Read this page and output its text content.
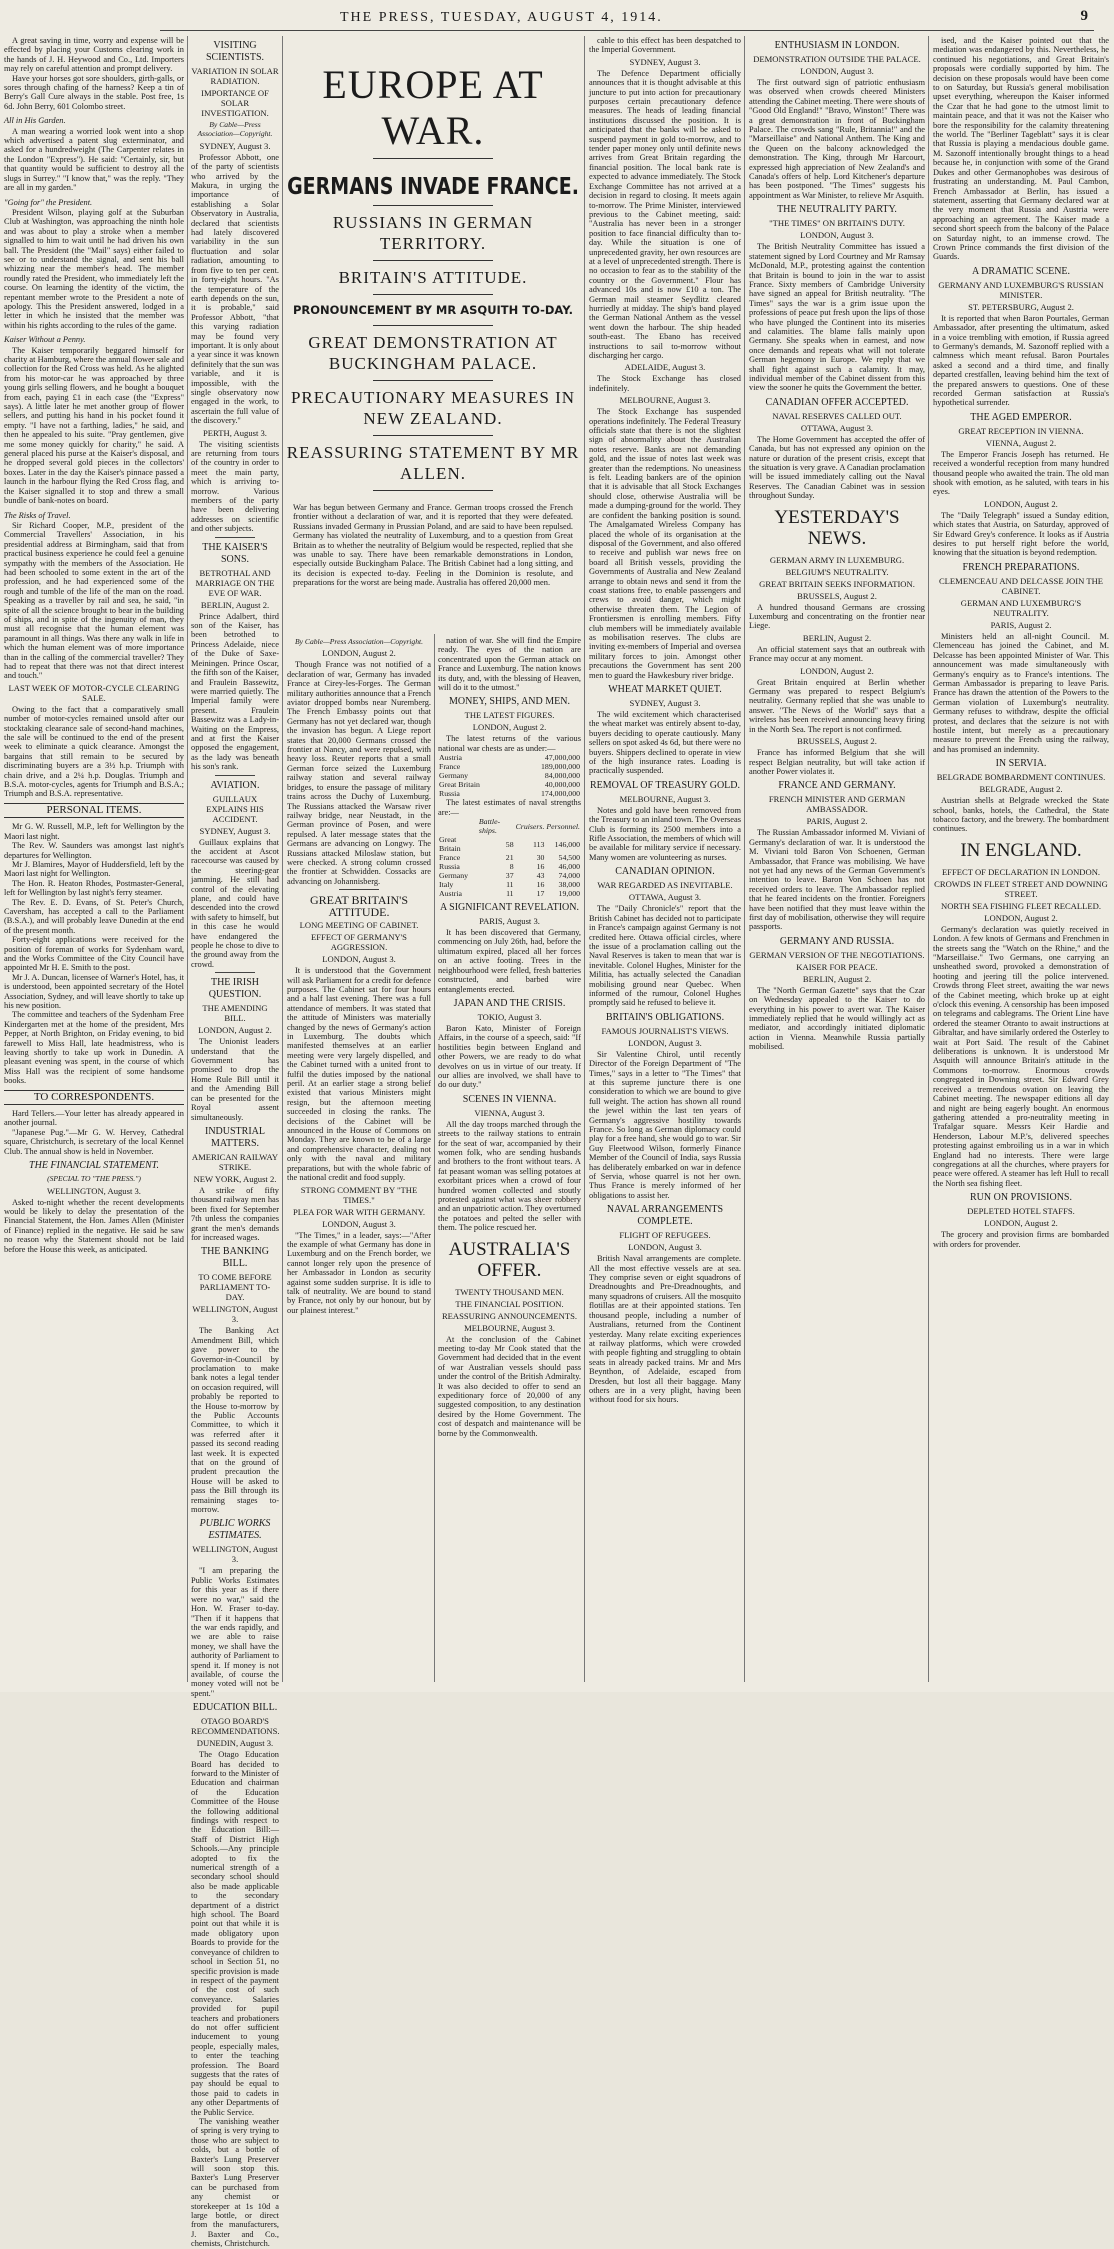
THE PRESS, TUESDAY, AUGUST 4, 1914.	9

A great saving in time, worry and expense will be effected by placing your Customs clearing work in the hands of J. H. Heywood and Co., Ltd. Importers may rely on careful attention and prompt delivery.

Have your horses got sore shoulders, girth-galls, or sores through chafing of the harness? Keep a tin of Berry's Gall Cure always in the stable. Post free, 1s 6d. John Berry, 601 Colombo street.

All in His Garden.

A man wearing a worried look went into a shop which advertised a patent slug exterminator, and asked for a hundredweight (The Carpenter relates in the London "Express"). He said: "Certainly, sir, but that quantity would be sufficient to destroy all the slugs in Surrey." "I know that," was the reply. "They are all in my garden."

"Going for" the President.

President Wilson, playing golf at the Suburban Club at Washington, was approaching the ninth hole and was about to play a stroke when a member signalled to him to wait until he had driven his own ball. The President (the "Mail" says) either failed to see or to understand the signal, and sent his ball whizzing near the member's head. The member roundly rated the President, who immediately left the course. On learning the identity of the victim, the repentant member wrote to the President a note of apology. This the President answered, lodged in a letter in which he insisted that the member was within his rights according to the rules of the game.

Kaiser Without a Penny.

The Kaiser temporarily beggared himself for charity at Hamburg, where the annual flower sale and collection for the Red Cross was held. As he alighted from his motor-car he was approached by three young girls selling flowers, and he bought a bouquet from each, paying £1 in each case (the "Express" says). A little later he met another group of flower sellers, and putting his hand in his pocket found it empty. "I have not a farthing, ladies," he said, and then he appealed to his suite. "Pray gentlemen, give me some money quickly for charity," he said. A general placed his purse at the Kaiser's disposal, and he dropped several gold pieces in the collectors' boxes. Later in the day the Kaiser's pinnace passed a launch in the harbour flying the Red Cross flag, and the Kaiser signalled it to stop and threw a small bundle of bank-notes on board.

The Risks of Travel.

Sir Richard Cooper, M.P., president of the Commercial Travellers' Association, in his presidential address at Birmingham, said that from practical business experience he could feel a genuine sympathy with the members of the Association. He had been schooled to some extent in the art of the profession, and he had experienced some of the rough and tumble of the life of the man on the road. Speaking as a traveller by rail and sea, he said, "in spite of all the science brought to bear in the building of ships, and in spite of the ingenuity of man, they must all recognise that the human element was paramount in all things. Was there any walk in life in which the human element was of more importance than in the calling of the commercial traveller? They had to repeat that there was not that direct interest and touch."

LAST WEEK OF MOTOR-CYCLE CLEARING SALE.

Owing to the fact that a comparatively small number of motor-cycles remained unsold after our stocktaking clearance sale of second-hand machines, the sale will be continued to the end of the present week to eliminate a quick clearance. Amongst the bargains that still remain to be secured by discriminating buyers are a 3½ h.p. Triumph with chain drive, and a 2¼ h.p. Douglas. Triumph and B.S.A. motor-cycles, agents for Triumph and B.S.A.; Triumph and B.S.A. representative.

PERSONAL ITEMS.

Mr G. W. Russell, M.P., left for Wellington by the Maori last night.

The Rev. W. Saunders was amongst last night's departures for Wellington.

Mr J. Blamires, Mayor of Huddersfield, left by the Maori last night for Wellington.

The Hon. R. Heaton Rhodes, Postmaster-General, left for Wellington by last night's ferry steamer.

The Rev. E. D. Evans, of St. Peter's Church, Caversham, has accepted a call to the Parliament (B.S.A.), and will probably leave Dunedin at the end of the present month.

Forty-eight applications were received for the position of foreman of works for Sydenham ward, and the Works Committee of the City Council have appointed Mr H. E. Smith to the post.

Mr J. A. Duncan, licensee of Warner's Hotel, has, it is understood, been appointed secretary of the Hotel Association, Sydney, and will leave shortly to take up his new position.

The committee and teachers of the Sydenham Free Kindergarten met at the home of the president, Mrs Pepper, at North Brighton, on Friday evening, to bid farewell to Miss Hall, late headmistress, who is leaving shortly to take up work in Dunedin. A pleasant evening was spent, in the course of which Miss Hall was the recipient of some handsome books.

TO CORRESPONDENTS.

Hard Tellers.—Your letter has already appeared in another journal.

"Japanese Pug."—Mr G. W. Hervey, Cathedral square, Christchurch, is secretary of the local Kennel Club. The annual show is held in November.

THE FINANCIAL STATEMENT.
(SPECIAL TO "THE PRESS.")
WELLINGTON, August 3.

Asked to-night whether the recent developments would be likely to delay the presentation of the Financial Statement, the Hon. James Allen (Minister of Finance) replied in the negative. He said he saw no reason why the Statement should not be laid before the House this week, as anticipated.

VISITING SCIENTISTS.
VARIATION IN SOLAR RADIATION.
IMPORTANCE OF SOLAR INVESTIGATION.
By Cable—Press Association—Copyright.
SYDNEY, August 3.

Professor Abbott, one of the party of scientists who arrived by the Makura, in urging the importance of establishing a Solar Observatory in Australia, declared that scientists had lately discovered variability in the sun fluctuation and solar radiation, amounting to from five to ten per cent. in forty-eight hours. "As the temperature of the earth depends on the sun, it is probable," said Professor Abbott, "that this varying radiation may be found very important. It is only about a year since it was known definitely that the sun was variable, and it is impossible, with the single observatory now engaged in the work, to ascertain the full value of the discovery."

PERTH, August 3.

The visiting scientists are returning from tours of the country in order to meet the main party, which is arriving to-morrow. Various members of the party have been delivering addresses on scientific and other subjects.

THE KAISER'S SONS.
BETROTHAL AND MARRIAGE ON THE EVE OF WAR.
BERLIN, August 2.

Prince Adalbert, third son of the Kaiser, has been betrothed to Princess Adelaide, niece of the Duke of Saxe-Meiningen. Prince Oscar, the fifth son of the Kaiser, and Fraulein Bassewitz, were married quietly. The Imperial family were present. Fraulein Bassewitz was a Lady-in-Waiting on the Empress, and at first the Kaiser opposed the engagement, as the lady was beneath his son's rank.

AVIATION.
GUILLAUX EXPLAINS HIS ACCIDENT.
SYDNEY, August 3.

Guillaux explains that the accident at Ascot racecourse was caused by the steering-gear jamming. He still had control of the elevating plane, and could have descended into the crowd with safety to himself, but in this case he would have endangered the people he chose to dive to the ground away from the crowd.

THE IRISH QUESTION.
THE AMENDING BILL.
LONDON, August 2.

The Unionist leaders understand that the Government has promised to drop the Home Rule Bill until it and the Amending Bill can be presented for the Royal assent simultaneously.

INDUSTRIAL MATTERS.
AMERICAN RAILWAY STRIKE.
NEW YORK, August 2.

A strike of fifty thousand railway men has been fixed for September 7th unless the companies grant the men's demands for increased wages.

THE BANKING BILL.
TO COME BEFORE PARLIAMENT TO-DAY.
WELLINGTON, August 3.

The Banking Act Amendment Bill, which gave power to the Governor-in-Council by proclamation to make bank notes a legal tender on occasion required, will probably be reported to the House to-morrow by the Public Accounts Committee, to which it was referred after it passed its second reading last week. It is expected that on the ground of prudent precaution the House will be asked to pass the Bill through its remaining stages to-morrow.

PUBLIC WORKS ESTIMATES.
WELLINGTON, August 3.

"I am preparing the Public Works Estimates for this year as if there were no war," said the Hon. W. Fraser to-day. "Then if it happens that the war ends rapidly, and we are able to raise money, we shall have the authority of Parliament to spend it. If money is not available, of course the money voted will not be spent."

EDUCATION BILL.
OTAGO BOARD'S RECOMMENDATIONS.
DUNEDIN, August 3.

The Otago Education Board has decided to forward to the Minister of Education and chairman of the Education Committee of the House the following additional findings with respect to the Education Bill:— Staff of District High Schools.—Any principle adopted to fix the numerical strength of a secondary school should also be made applicable to the secondary department of a district high school. The Board point out that while it is made obligatory upon Boards to provide for the conveyance of children to school in Section 51, no specific provision is made in respect of the payment of the cost of such conveyance. Salaries provided for pupil teachers and probationers do not offer sufficient inducement to young people, especially males, to enter the teaching profession. The Board suggests that the rates of pay should be equal to those paid to cadets in any other Departments of the Public Service.

The vanishing weather of spring is very trying to those who are subject to colds, but a bottle of Baxter's Lung Preserver will soon stop this. Baxter's Lung Preserver can be purchased from any chemist or storekeeper at 1s 10d a large bottle, or direct from the manufacturers, J. Baxter and Co., chemists, Christchurch.

EUROPE AT WAR.
GERMANS INVADE FRANCE.
RUSSIANS IN GERMAN TERRITORY.
BRITAIN'S ATTITUDE.
PRONOUNCEMENT BY MR ASQUITH TO-DAY.
GREAT DEMONSTRATION AT BUCKINGHAM PALACE.
PRECAUTIONARY MEASURES IN NEW ZEALAND.
REASSURING STATEMENT BY MR ALLEN.
War has begun between Germany and France. German troops crossed the French frontier without a declaration of war, and it is reported that they were defeated. Russians invaded Germany in Prussian Poland, and are said to have been repulsed. Germany has violated the neutrality of Luxemburg, and to a question from Great Britain as to whether the neutrality of Belgium would be respected, replied that she was unable to say. There have been remarkable demonstrations in London, especially outside Buckingham Palace. The British Cabinet had a long sitting, and its decision is expected to-day. Feeling in the Dominion is resolute, and preparations for the worst are being made. Australia has offered 20,000 men.
By Cable—Press Association—Copyright.
LONDON, August 2.

Though France was not notified of a declaration of war, Germany has invaded France at Cirey-les-Forges. The German military authorities announce that a French aviator dropped bombs near Nuremberg. The French Embassy points out that Germany has not yet declared war, though the invasion has begun. A Liege report states that 20,000 Germans crossed the frontier at Nancy, and were repulsed, with heavy loss. Reuter reports that a small German force seized the Luxemburg railway station and several railway bridges, to ensure the passage of military trains across the Duchy of Luxemburg. The Russians attacked the Warsaw river railway bridge, near Neustadt, in the German province of Posen, and were repulsed. A later message states that the Germans are advancing on Longwy. The Russians attacked Miloslaw station, but were checked. A strong column crossed the frontier at Schwidden. Cossacks are advancing on Johannisberg.

GREAT BRITAIN'S ATTITUDE.
LONG MEETING OF CABINET.
EFFECT OF GERMANY'S AGGRESSION.
LONDON, August 3.

It is understood that the Government will ask Parliament for a credit for defence purposes. The Cabinet sat for four hours and a half last evening. There was a full attendance of members. It was stated that the attitude of Ministers was materially changed by the news of Germany's action in Luxemburg. The doubts which manifested themselves at an earlier meeting were very largely dispelled, and the Cabinet turned with a united front to fulfil the duties imposed by the national peril. At an earlier stage a strong belief existed that various Ministers might resign, but the afternoon meeting succeeded in closing the ranks. The decisions of the Cabinet will be announced in the House of Commons on Monday. They are known to be of a large and comprehensive character, dealing not only with the naval and military preparations, but with the whole fabric of the national credit and food supply.

STRONG COMMENT BY "THE TIMES."
PLEA FOR WAR WITH GERMANY.
LONDON, August 3.

"The Times," in a leader, says:—"After the example of what Germany has done in Luxemburg and on the French border, we cannot longer rely upon the presence of her Ambassador in London as security against some sudden surprise. It is idle to talk of neutrality. We are bound to stand by France, not only by our honour, but by our plainest interest."

nation of war. She will find the Empire ready. The eyes of the nation are concentrated upon the German attack on France and Luxemburg. The nation knows its duty, and, with the blessing of Heaven, will do it to the utmost."

MONEY, SHIPS, AND MEN.
THE LATEST FIGURES.
LONDON, August 2.

The latest returns of the various national war chests are as under:—

Austria	47,000,000
France	189,000,000
Germany	84,000,000
Great Britain	40,000,000
Russia	174,000,000

The latest estimates of naval strengths are:—

	Battle-ships.	Cruisers.	Personnel.
Great Britain	58	113	146,000
France	21	30	54,500
Russia	8	16	46,000
Germany	37	43	74,000
Italy	11	16	38,000
Austria	11	17	19,000
A SIGNIFICANT REVELATION.
PARIS, August 3.

It has been discovered that Germany, commencing on July 26th, had, before the ultimatum expired, placed all her forces on an active footing. Trees in the neighbourhood were felled, fresh batteries constructed, and barbed wire entanglements erected.

JAPAN AND THE CRISIS.
TOKIO, August 3.

Baron Kato, Minister of Foreign Affairs, in the course of a speech, said: "If hostilities begin between England and other Powers, we are ready to do what devolves on us in virtue of our treaty. If our allies are involved, we shall have to do our duty."

SCENES IN VIENNA.
VIENNA, August 3.

All the day troops marched through the streets to the railway stations to entrain for the seat of war, accompanied by their women folk, who are sending husbands and brothers to the front without tears. A fat peasant woman was selling potatoes at exorbitant prices when a crowd of four hundred women collected and stoutly protested against what was sheer robbery and an unpatriotic action. They overturned the potatoes and pelted the seller with them. The police rescued her.

AUSTRALIA'S OFFER.
TWENTY THOUSAND MEN.
THE FINANCIAL POSITION.
REASSURING ANNOUNCEMENTS.
MELBOURNE, August 3.

At the conclusion of the Cabinet meeting to-day Mr Cook stated that the Government had decided that in the event of war Australian vessels should pass under the control of the British Admiralty. It was also decided to offer to send an expeditionary force of 20,000 of any suggested composition, to any destination desired by the Home Government. The cost of despatch and maintenance will be borne by the Commonwealth.

cable to this effect has been despatched to the Imperial Government.

SYDNEY, August 3.

The Defence Department officially announces that it is thought advisable at this juncture to put into action for precautionary purposes certain precautionary defence measures. The heads of leading financial institutions discussed the position. It is anticipated that the banks will be asked to suspend payment in gold to-morrow, and to tender paper money only until definite news arrives from Great Britain regarding the financial position. The local bank rate is expected to advance immediately. The Stock Exchange Committee has not arrived at a decision in regard to closing. It meets again to-morrow. The Prime Minister, interviewed previous to the Cabinet meeting, said: "Australia has never been in a stronger position to face financial difficulty than to-day. While the situation is one of unprecedented gravity, her own resources are at a level of unprecedented strength. There is no occasion to fear as to the stability of the country or the Government." Flour has advanced 10s and is now £10 a ton. The German mail steamer Seydlitz cleared hurriedly at midday. The ship's band played the German National Anthem as the vessel went down the harbour. The ship headed south-east. The Ebano has received instructions to sail to-morrow without discharging her cargo.

ADELAIDE, August 3.

The Stock Exchange has closed indefinitely.

MELBOURNE, August 3.

The Stock Exchange has suspended operations indefinitely. The Federal Treasury officials state that there is not the slightest sign of abnormality about the Australian notes reserve. Banks are not demanding gold, and the issue of notes last week was greater than the redemptions. No uneasiness is felt. Leading bankers are of the opinion that it is advisable that all Stock Exchanges should close, otherwise Australia will be made a dumping-ground for the world. They are confident the banking position is sound. The Amalgamated Wireless Company has placed the whole of its organisation at the disposal of the Government, and also offered to receive and publish war news free on board all British vessels, providing the Governments of Australia and New Zealand arrange to obtain news and send it from the coast stations free, to enable passengers and crews to avoid danger, which might otherwise threaten them. The Legion of Frontiersmen is enrolling members. Fifty club members will be immediately available as mobilisation reserves. The clubs are inviting ex-members of Imperial and oversea military forces to join. Amongst other precautions the Government has sent 200 men to guard the Hawkesbury river bridge.

WHEAT MARKET QUIET.
SYDNEY, August 3.

The wild excitement which characterised the wheat market was entirely absent to-day, buyers deciding to operate cautiously. Many sellers on spot asked 4s 6d, but there were no buyers. Shippers declined to operate in view of the high insurance rates. Loading is practically suspended.

REMOVAL OF TREASURY GOLD.
MELBOURNE, August 3.

Notes and gold have been removed from the Treasury to an inland town. The Overseas Club is forming its 2500 members into a Rifle Association, the members of which will be available for military service if necessary. Many women are volunteering as nurses.

CANADIAN OPINION.
WAR REGARDED AS INEVITABLE.
OTTAWA, August 3.

The "Daily Chronicle's" report that the British Cabinet has decided not to participate in France's campaign against Germany is not credited here. Ottawa official circles, where the issue of a proclamation calling out the Naval Reserves is taken to mean that war is inevitable. Colonel Hughes, Minister for the Militia, has actually selected the Canadian mobilising ground near Quebec. When informed of the rumour, Colonel Hughes promptly said he refused to believe it.

BRITAIN'S OBLIGATIONS.
FAMOUS JOURNALIST'S VIEWS.
LONDON, August 3.

Sir Valentine Chirol, until recently Director of the Foreign Department of "The Times," says in a letter to "The Times" that at this supreme juncture there is one consideration to which we are bound to give full weight. The action has shown all round the jewel within the last ten years of Germany's aggressive hostility towards France. So long as German diplomacy could play for a free hand, she would go to war. Sir Guy Fleetwood Wilson, formerly Finance Member of the Council of India, says Russia has deliberately embarked on war in defence of Servia, whose quarrel is not her own. Thus France is merely informed of her obligations to assist her.

NAVAL ARRANGEMENTS COMPLETE.
FLIGHT OF REFUGEES.
LONDON, August 3.

British Naval arrangements are complete. All the most effective vessels are at sea. They comprise seven or eight squadrons of Dreadnoughts and Pre-Dreadnoughts, and many squadrons of cruisers. All the mosquito flotillas are at their appointed stations. Ten thousand people, including a number of Australians, returned from the Continent yesterday. Many relate exciting experiences at railway platforms, which were crowded with people fighting and struggling to obtain seats in already packed trains. Mr and Mrs Beynthon, of Adelaide, escaped from Dresden, but lost all their baggage. Many others are in a very plight, having been without food for six hours.

ENTHUSIASM IN LONDON.
DEMONSTRATION OUTSIDE THE PALACE.
LONDON, August 3.

The first outward sign of patriotic enthusiasm was observed when crowds cheered Ministers attending the Cabinet meeting. There were shouts of "Good Old England!" "Bravo, Winston!" There was a great demonstration in front of Buckingham Palace. The crowds sang "Rule, Britannia!" and the "Marseillaise" and National Anthem. The King and the Queen on the balcony acknowledged the demonstration. The King, through Mr Harcourt, expressed high appreciation of New Zealand's and Canada's offers of help. Lord Kitchener's departure has been postponed. "The Times" suggests his appointment as War Minister, to relieve Mr Asquith.

THE NEUTRALITY PARTY.
"THE TIMES" ON BRITAIN'S DUTY.
LONDON, August 3.

The British Neutrality Committee has issued a statement signed by Lord Courtney and Mr Ramsay McDonald, M.P., protesting against the contention that Britain is bound to join in the war to assist France. Sixty members of Cambridge University have signed an appeal for British neutrality. "The Times" says the war is a grim issue upon the professions of peace put fresh upon the lips of those who have plunged the Continent into its miseries and calamities. The blame falls mainly upon Germany. She speaks when in earnest, and now once demands and repeats what will not tolerate German hegemony in Europe. We reply that we shall fight against such a calamity. It may, individual member of the Cabinet dissent from this view the sooner he quits the Government the better.

CANADIAN OFFER ACCEPTED.
NAVAL RESERVES CALLED OUT.
OTTAWA, August 3.

The Home Government has accepted the offer of Canada, but has not expressed any opinion on the nature or duration of the present crisis, except that the situation is very grave. A Canadian proclamation will be issued immediately calling out the Naval Reserves. The Canadian Cabinet was in session throughout Sunday.

YESTERDAY'S NEWS.
GERMAN ARMY IN LUXEMBURG.
BELGIUM'S NEUTRALITY.
GREAT BRITAIN SEEKS INFORMATION.
BRUSSELS, August 2.

A hundred thousand Germans are crossing Luxemburg and concentrating on the frontier near Liege.

BERLIN, August 2.

An official statement says that an outbreak with France may occur at any moment.

LONDON, August 2.

Great Britain enquired at Berlin whether Germany was prepared to respect Belgium's neutrality. Germany replied that she was unable to answer. "The News of the World" says that a wireless has been received announcing heavy firing in the North Sea. The report is not confirmed.

BRUSSELS, August 2.

France has informed Belgium that she will respect Belgian neutrality, but will take action if another Power violates it.

FRANCE AND GERMANY.
FRENCH MINISTER AND GERMAN AMBASSADOR.
PARIS, August 2.

The Russian Ambassador informed M. Viviani of Germany's declaration of war. It is understood the M. Viviani told Baron Von Schoenen, German Ambassador, that France was mobilising. We have not yet had any news of the German Government's intention to leave. Baron Von Schoen has not received orders to leave. The Ambassador replied that he feared incidents on the frontier. Foreigners have been notified that they must leave within the first day of mobilisation, otherwise they will require passports.

GERMANY AND RUSSIA.
GERMAN VERSION OF THE NEGOTIATIONS.
KAISER FOR PEACE.
BERLIN, August 2.

The "North German Gazette" says that the Czar on Wednesday appealed to the Kaiser to do everything in his power to avert war. The Kaiser immediately replied that he would willingly act as mediator, and accordingly initiated diplomatic action in Vienna. Meanwhile Russia partially mobilised.

ised, and the Kaiser pointed out that the mediation was endangered by this. Nevertheless, he continued his negotiations, and Great Britain's proposals were cordially supported by him. The decision on these proposals would have been come to on Saturday, but Russia's general mobilisation upset everything, whereupon the Kaiser informed the Czar that he had gone to the utmost limit to maintain peace, and that it was not the Kaiser who bore the responsibility for the calamity threatening the world. The "Berliner Tageblatt" says it is clear that Russia is playing a mendacious double game. M. Sazonoff intentionally brought things to a head because he, in conjunction with some of the Grand Dukes and other Germanophobes was desirous of frustrating an understanding. M. Paul Cambon, French Ambassador at Berlin, has issued a statement, asserting that Germany declared war at the very moment that Russia and Austria were approaching an agreement. The Kaiser made a second short speech from the balcony of the Palace on Saturday night, to an immense crowd. The Crown Prince commands the first division of the Guards.

A DRAMATIC SCENE.
GERMANY AND LUXEMBURG'S RUSSIAN MINISTER.
ST. PETERSBURG, August 2.

It is reported that when Baron Pourtales, German Ambassador, after presenting the ultimatum, asked in a voice trembling with emotion, if Russia agreed to Germany's demands, M. Sazonoff replied with a calmness which meant refusal. Baron Pourtales asked a second and a third time, and finally departed crestfallen, leaving behind him the text of the prepared answers to questions. One of these recorded German satisfaction at Russia's hypothetical surrender.

THE AGED EMPEROR.
GREAT RECEPTION IN VIENNA.
VIENNA, August 2.

The Emperor Francis Joseph has returned. He received a wonderful reception from many hundred thousand people who awaited the train. The old man shook with emotion, as he saluted, with tears in his eyes.

LONDON, August 2.

The "Daily Telegraph" issued a Sunday edition, which states that Austria, on Saturday, approved of Sir Edward Grey's conference. It looks as if Austria desires to put herself right before the world, knowing that the situation is beyond redemption.

FRENCH PREPARATIONS.
CLEMENCEAU AND DELCASSE JOIN THE CABINET.
GERMAN AND LUXEMBURG'S NEUTRALITY.
PARIS, August 2.

Ministers held an all-night Council. M. Clemenceau has joined the Cabinet, and M. Delcasse has been appointed Minister of War. This announcement was made simultaneously with Germany's enquiry as to France's intentions. The German Ambassador is preparing to leave Paris. France has drawn the attention of the Powers to the German violation of Luxemburg's neutrality. Germany refuses to withdraw, despite the official protest, and declares that the seizure is not with hostile intent, but merely as a precautionary measure to prevent the French using the railway, and has promised an indemnity.

IN SERVIA.
BELGRADE BOMBARDMENT CONTINUES.
BELGRADE, August 2.

Austrian shells at Belgrade wrecked the State school, banks, hotels, the Cathedral, the State tobacco factory, and the brewery. The bombardment continues.

IN ENGLAND.
EFFECT OF DECLARATION IN LONDON.
CROWDS IN FLEET STREET AND DOWNING STREET.
NORTH SEA FISHING FLEET RECALLED.
LONDON, August 2.

Germany's declaration was quietly received in London. A few knots of Germans and Frenchmen in the streets sang the "Watch on the Rhine," and the "Marseillaise." Two Germans, one carrying an unsheathed sword, provoked a demonstration of hooting and jeering till the police intervened. Crowds throng Fleet street, awaiting the war news of the Cabinet meeting, which broke up at eight o'clock this evening. A censorship has been imposed on telegrams and cablegrams. The Orient Line have ordered the steamer Otranto to await instructions at Gibraltar, and have similarly ordered the Osterley to wait at Port Said. The result of the Cabinet deliberations is unknown. It is understood Mr Asquith will announce Britain's attitude in the Commons to-morrow. Enormous crowds congregated in Downing street. Sir Edward Grey received a tremendous ovation on leaving the Cabinet meeting. The newspaper editions all day and night are being eagerly bought. An enormous gathering attended a pro-neutrality meeting in Trafalgar square. Messrs Keir Hardie and Henderson, Labour M.P.'s, delivered speeches protesting against embroiling us in a war in which England had no interests. There were large congregations at all the churches, where prayers for peace were offered. A steamer has left Hull to recall the North sea fishing fleet.

RUN ON PROVISIONS.
DEPLETED HOTEL STAFFS.
LONDON, August 2.

The grocery and provision firms are bombarded with orders for provender.
